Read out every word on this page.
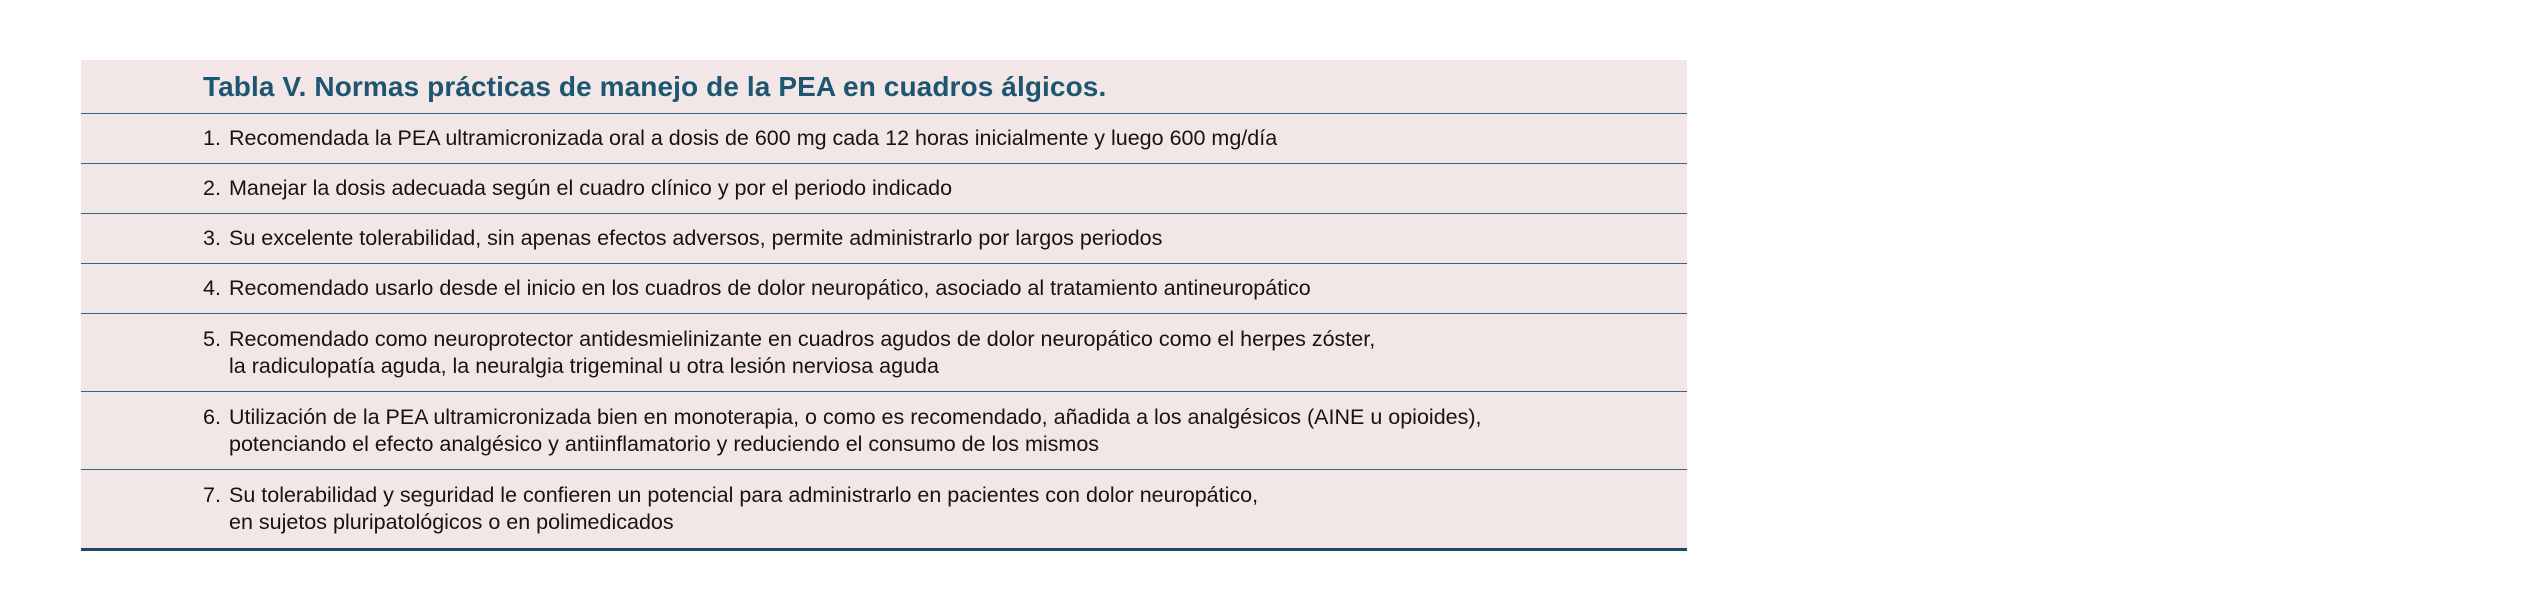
Tabla V. Normas prácticas de manejo de la PEA en cuadros álgicos.
1. Recomendada la PEA ultramicronizada oral a dosis de 600 mg cada 12 horas inicialmente y luego 600 mg/día
2. Manejar la dosis adecuada según el cuadro clínico y por el periodo indicado
3. Su excelente tolerabilidad, sin apenas efectos adversos, permite administrarlo por largos periodos
4. Recomendado usarlo desde el inicio en los cuadros de dolor neuropático, asociado al tratamiento antineuropático
5. Recomendado como neuroprotector antidesmielinizante en cuadros agudos de dolor neuropático como el herpes zóster,
la radiculopatía aguda, la neuralgia trigeminal u otra lesión nerviosa aguda
6. Utilización de la PEA ultramicronizada bien en monoterapia, o como es recomendado, añadida a los analgésicos (AINE u opioides),
potenciando el efecto analgésico y antiinflamatorio y reduciendo el consumo de los mismos
7. Su tolerabilidad y seguridad le confieren un potencial para administrarlo en pacientes con dolor neuropático,
en sujetos pluripatológicos o en polimedicados
